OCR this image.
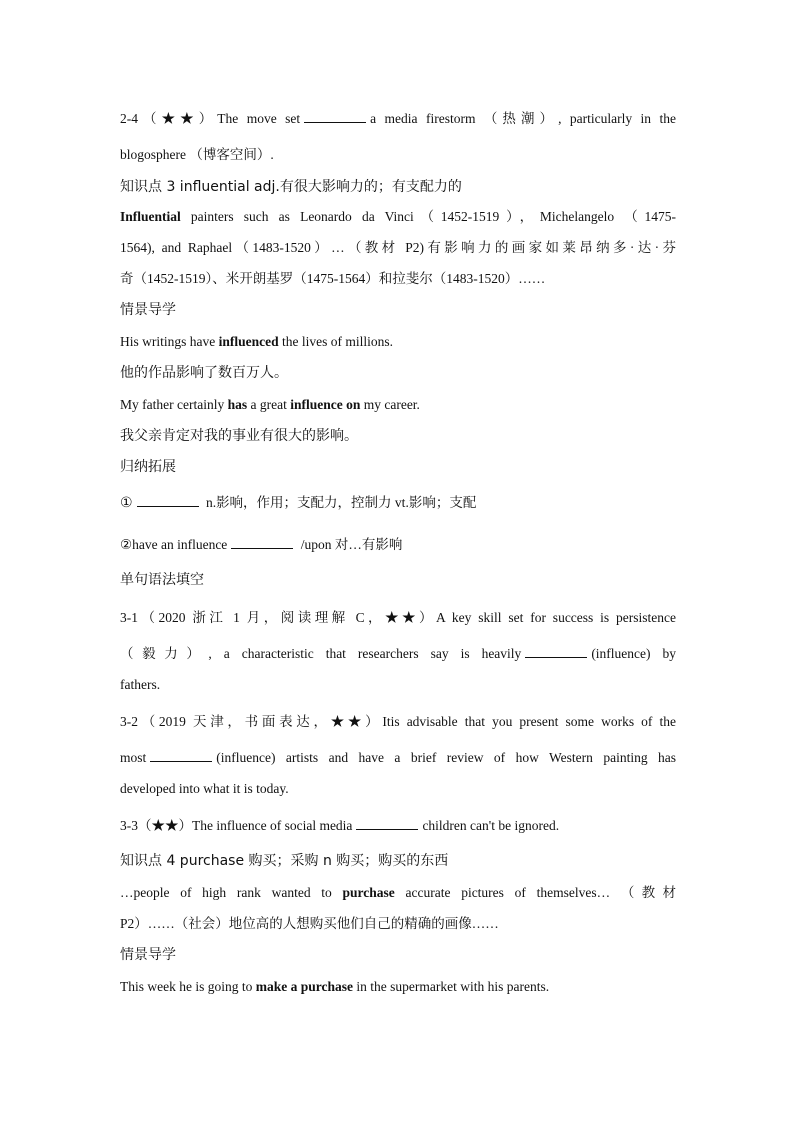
2-4（★★）The move set	a media firestorm （热潮）, particularly in the
blogosphere （博客空间）.
知识点 3 influential adj.有很大影响力的；有支配力的
Influential painters such as Leonardo da Vinci（1452-1519），Michelangelo （1475-
1564), and Raphael（1483-1520）…（教材 P2)有影响力的画家如莱昂纳多·达·芬
奇（1452-1519）、米开朗基罗（1475-1564）和拉斐尔（1483-1520）……
情景导学
His writings have influenced the lives of millions.
他的作品影响了数百万人。
My father certainly has a great influence on my career.
我父亲肯定对我的事业有很大的影响。
归纳拓展
①	n.影响，作用；支配力，控制力 vt.影响；支配
②have an influence	/upon 对…有影响
单句语法填空
3-1（2020 浙江 1 月，阅读理解 C，★★）A key skill set for success is persistence
（毅力）, a characteristic that researchers say is heavily	(influence) by
fathers.
3-2（2019 天津，书面表达，★★）Itis advisable that you present some works of the
most	(influence) artists and have a brief review of how Western painting has
developed into what it is today.
3-3（★★）The influence of social media	children can't be ignored.
知识点 4 purchase 购买；采购 n 购买；购买的东西
…people of high rank wanted to purchase accurate pictures of themselves… （教材
P2）……（社会）地位高的人想购买他们自己的精确的画像……
情景导学
This week he is going to make a purchase in the supermarket with his parents.
